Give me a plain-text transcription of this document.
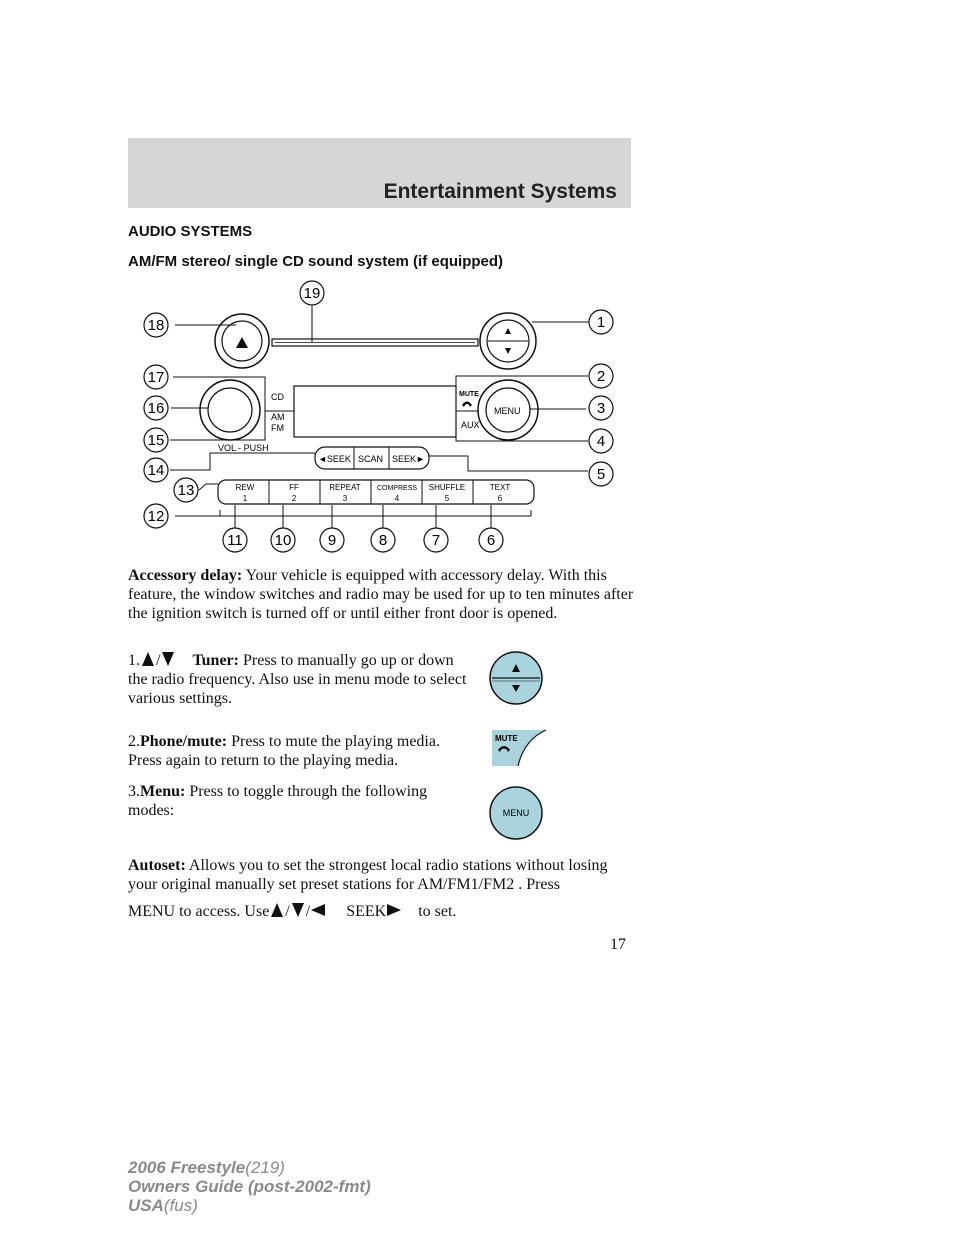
Entertainment Systems
AUDIO SYSTEMS
AM/FM stereo/ single CD sound system (if equipped)
CD
AM
FM
VOL - PUSH
MENU
MUTE
AUX
◄SEEK SCAN SEEK►
REW
1
FF
2
REPEAT
3
COMPRESS
4
SHUFFLE
5
TEXT
6
1
2
3
4
5
6
7
8
9
10
11
12
13
14
15
16
17
18
19
Accessory delay: Your vehicle is equipped with accessory delay. With this feature, the window switches and radio may be used for up to ten minutes after the ignition switch is turned off or until either front door is opened.
1. / Tuner: Press to manually go up or down the radio frequency. Also use in menu mode to select various settings.
2.Phone/mute: Press to mute the playing media. Press again to return to the playing media.
MUTE
3.Menu: Press to toggle through the following modes:	MENU
Autoset: Allows you to set the strongest local radio stations without losing your original manually set preset stations for AM/FM1/FM2 . Press
MENU to access. Use / / SEEK to set.
17
2006 Freestyle(219)
Owners Guide (post-2002-fmt)
USA(fus)
